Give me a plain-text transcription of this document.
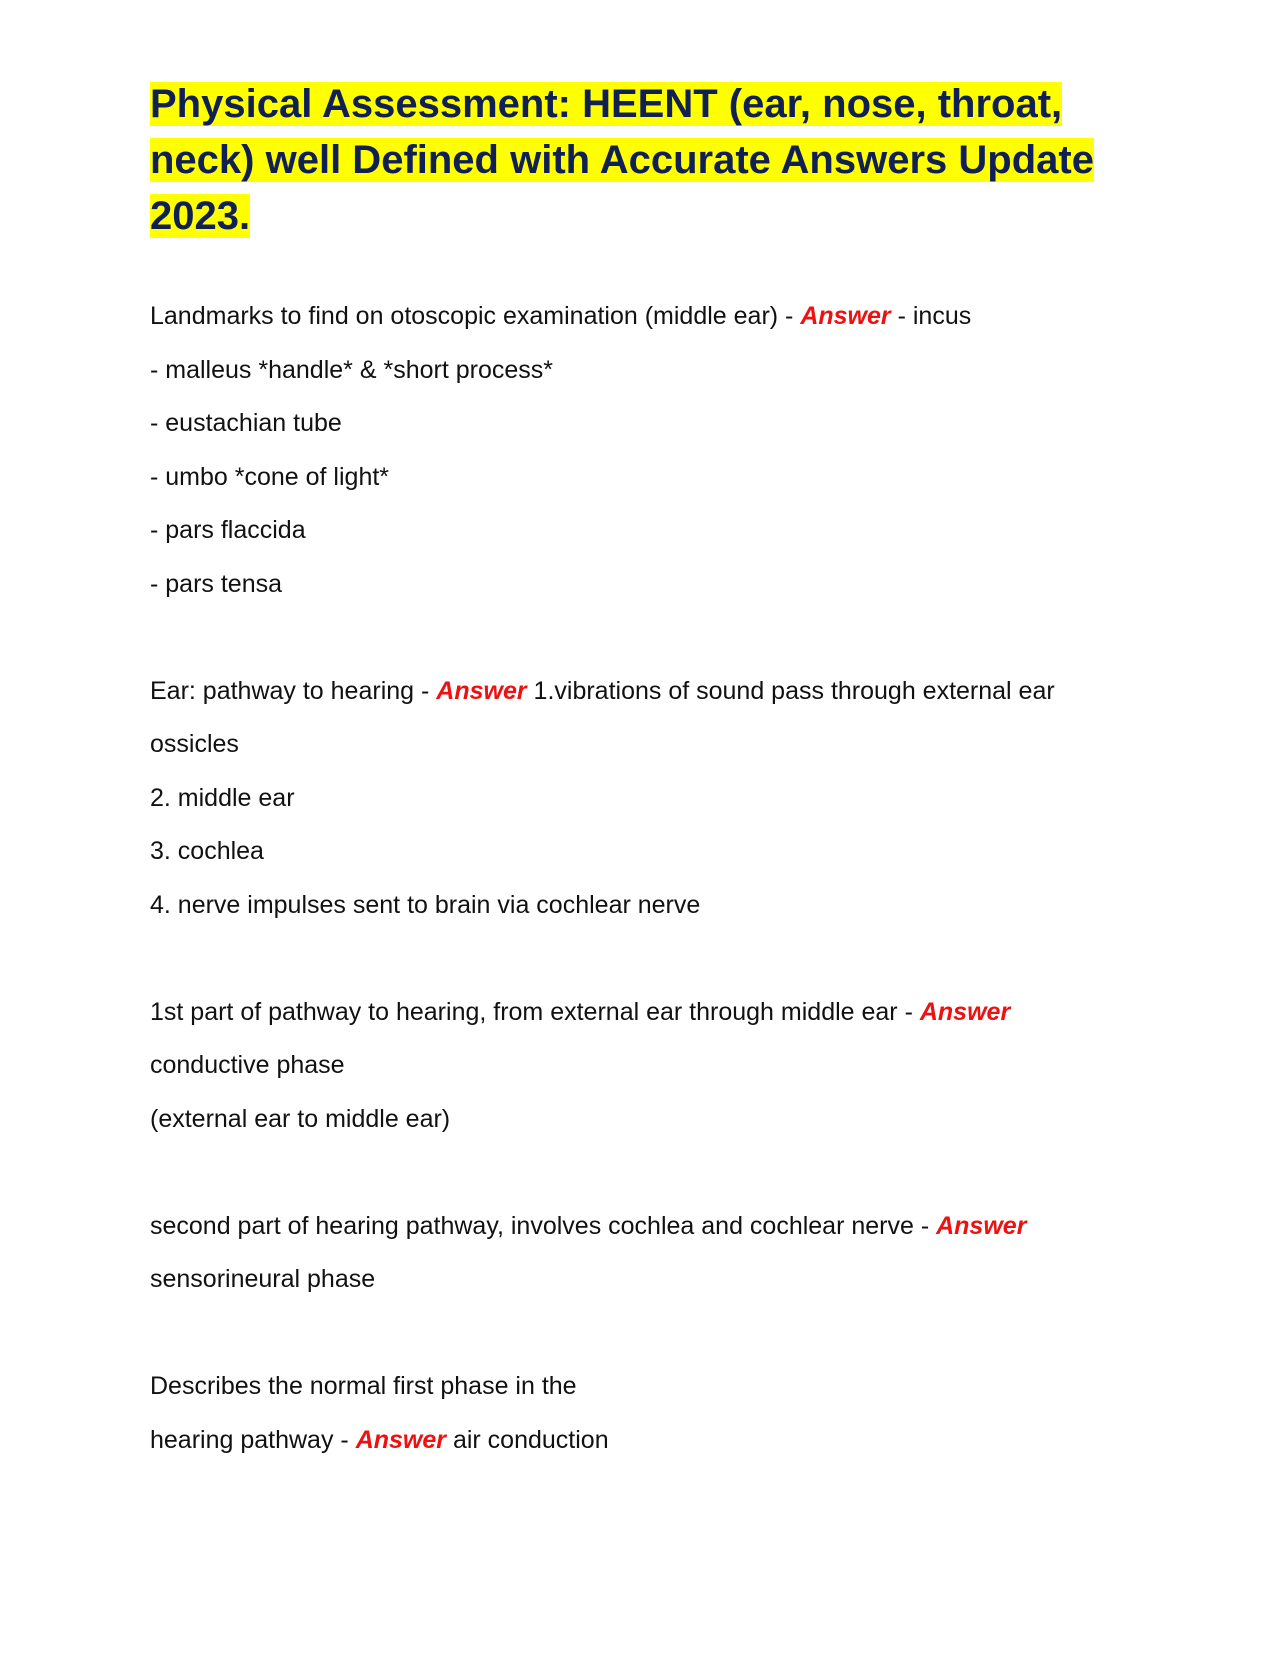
Physical Assessment: HEENT (ear, nose, throat, neck) well Defined with Accurate Answers Update 2023.
Landmarks to find on otoscopic examination (middle ear) - Answer - incus
- malleus *handle* & *short process*
- eustachian tube
- umbo *cone of light*
- pars flaccida
- pars tensa
Ear: pathway to hearing - Answer 1.vibrations of sound pass through external ear
ossicles
2. middle ear
3. cochlea
4. nerve impulses sent to brain via cochlear nerve
1st part of pathway to hearing, from external ear through middle ear - Answer
conductive phase
(external ear to middle ear)
second part of hearing pathway, involves cochlea and cochlear nerve - Answer
sensorineural phase
Describes the normal first phase in the
hearing pathway - Answer air conduction
